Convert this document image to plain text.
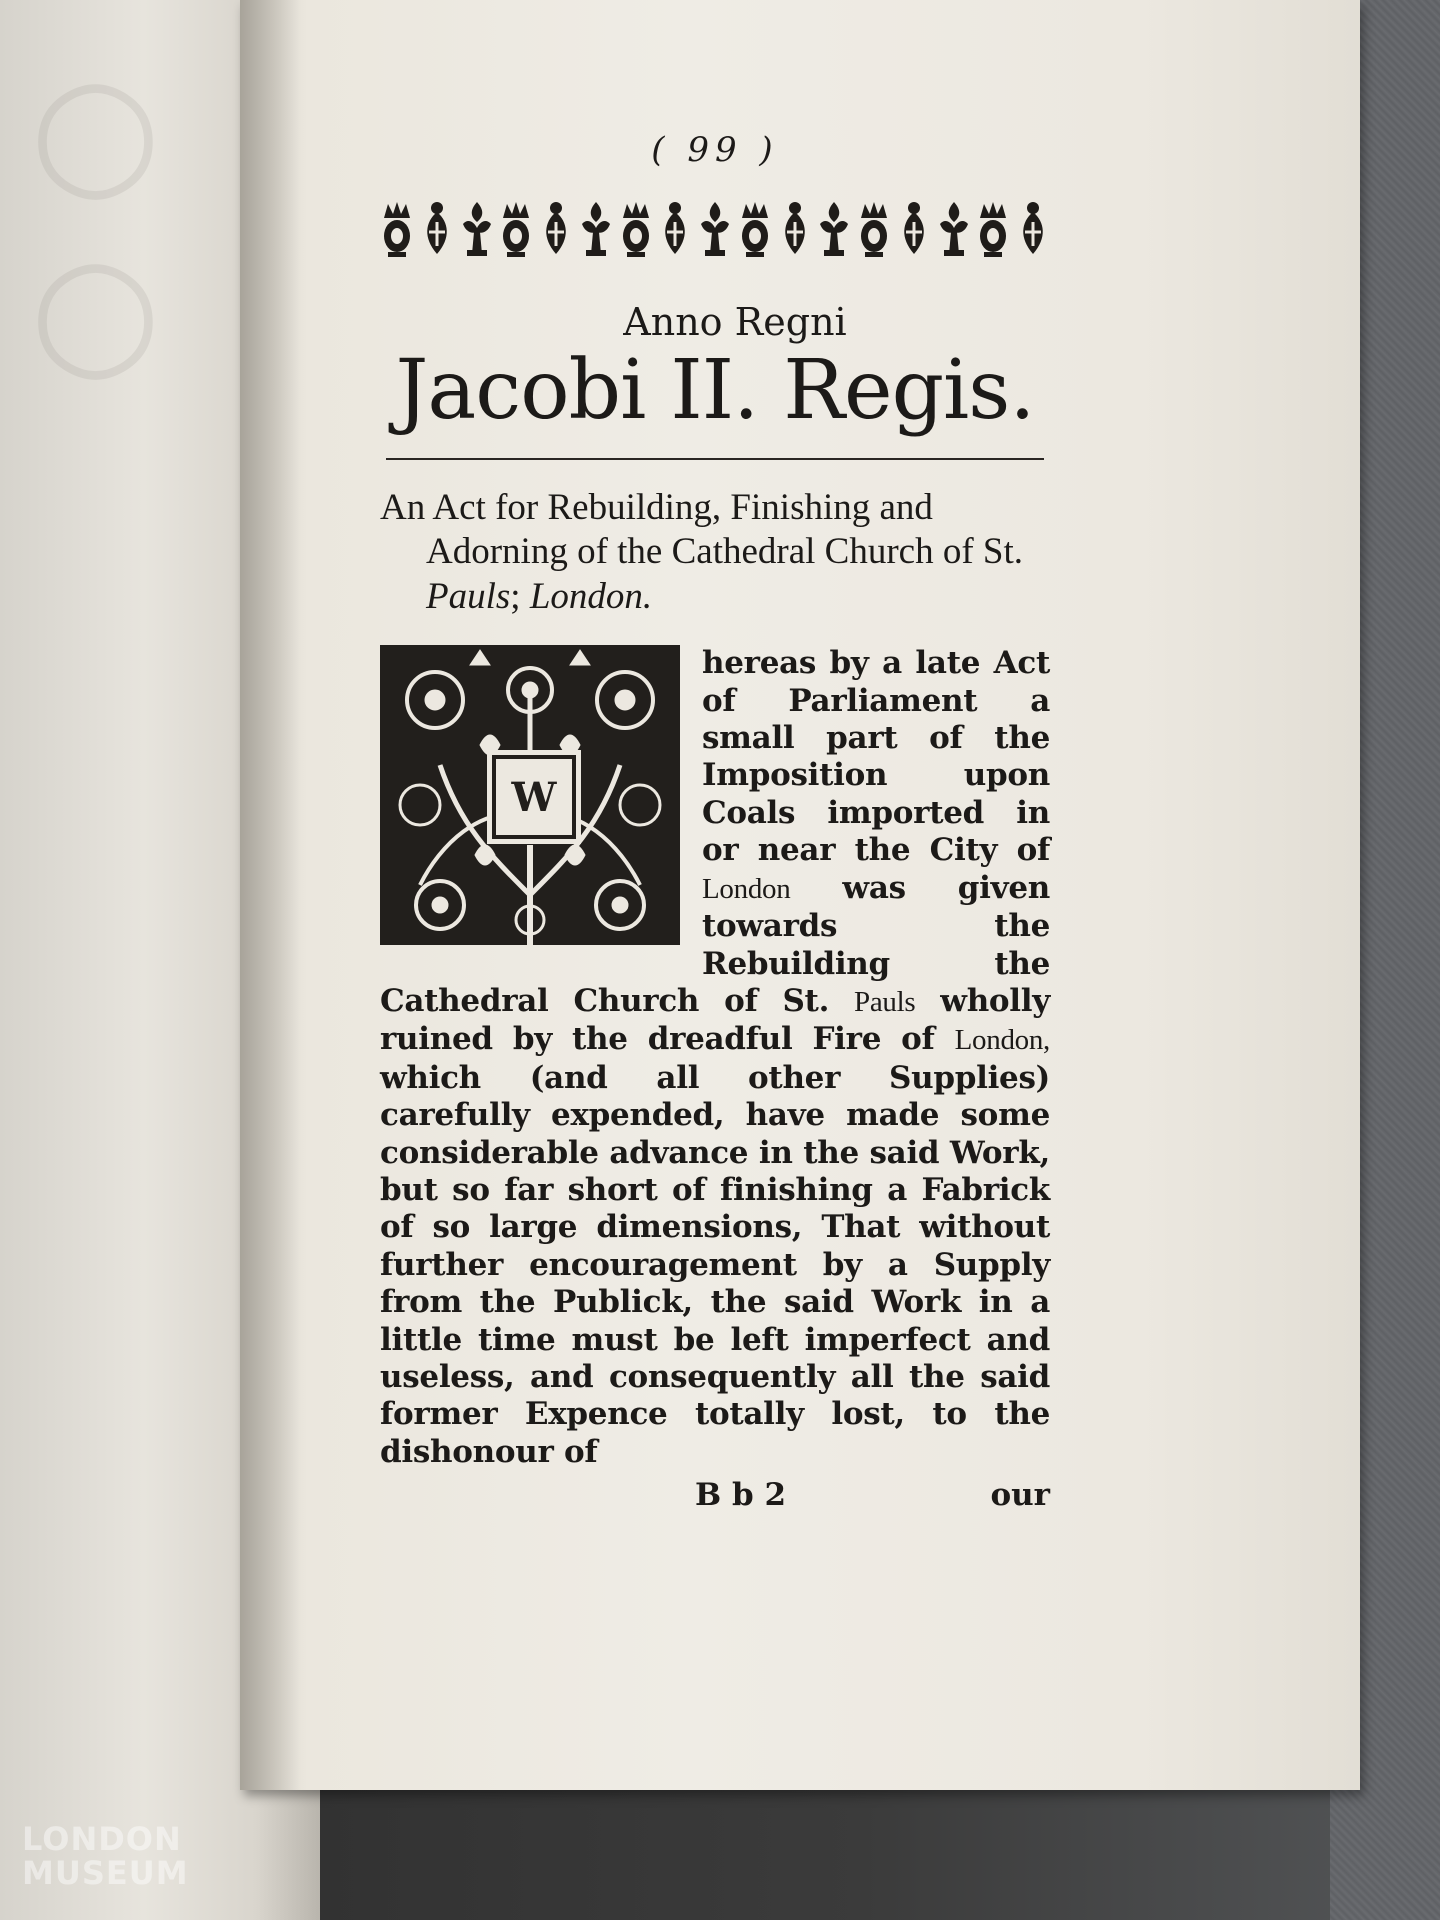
○
○
( 99 )
Anno Regni
Jacobi II. Regis.
An Act for Rebuilding, Finishing and Adorning of the Cathedral Church of St. Pauls; London.
W

hereas by a late Act of Parliament a small part of the Imposition upon Coals imported in or near the City of London was given towards the Rebuilding the Cathedral Church of St. Pauls wholly ruined by the dreadful Fire of London, which (and all other Supplies) carefully expended, have made some considerable advance in the said Work, but so far short of finishing a Fabrick of so large dimensions, That without further encouragement by a Supply from the Publick, the said Work in a little time must be left imperfect and useless, and consequently all the said former Expence totally lost, to the dishonour of

B b 2	our
LONDON
MUSEUM
